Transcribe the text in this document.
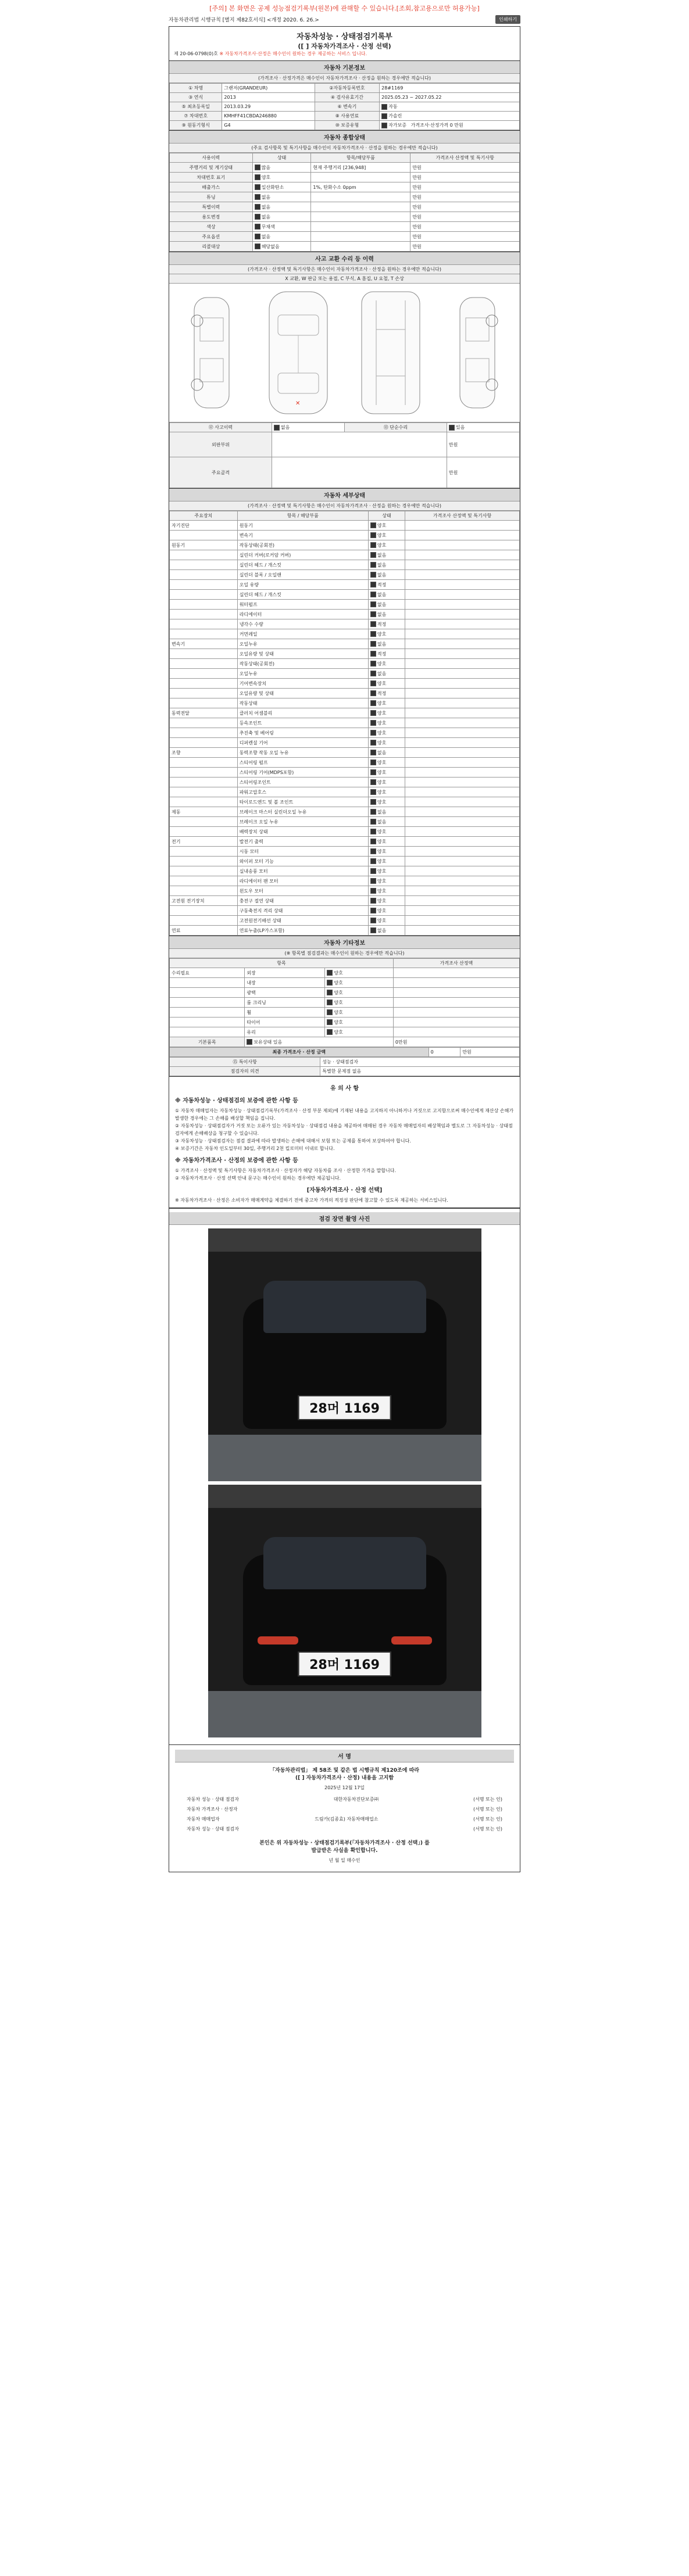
[주의] 본 화면은 공제 성능점검기록부(원본)에 관해할 수 있습니다.[조회,참고용으로만 허용가능]
자동차관리법 시행규칙 [별지 제82호서식] <개정 2020. 6. 26.>	인쇄하기
자동차성능 · 상태점검기록부
([ ] 자동차가격조사 · 산정 선택)
제 20-06-0798(0)호 ※ 자동차가격조사·산정은 매수인이 원하는 경우 제공하는 서비스 입니다.
자동차 기본정보
(가격조사 · 산정가격은 매수인이 자동차가격조사 · 산정을 원하는 경우에만 적습니다)
① 차명	그랜저(GRANDEUR)	②자동차등록번호	28#1169
③ 연식	2013	④ 검사유효기간	2025.05.23 ~ 2027.05.22
⑤ 최초등록일	2013.03.29	⑥ 변속기	자동
⑦ 차대번호	KMHFF41CBDA246880	⑧ 사용연료	가솔린
⑨ 원동기형식	G4	⑩ 보증유형	자가보증 가격조사·산정가격 0 만원
자동차 종합상태
(주요 검사항목 및 특기사항을 매수인이 자동차가격조사 · 산정을 원하는 경우에만 적습니다)
사용이력	상태	항목/해당부품	가격조사 산정액 및 특기사항
주행거리 및 계기상태	많음	현재 주행거리 [236,948]	만원
차대번호 표기	양호		만원
배출가스	일산화탄소	1%, 탄화수소 0ppm	만원
튜닝	없음		만원
특별이력	없음		만원
용도변경	없음		만원
색상	무채색		만원
주요옵션	없음		만원
리콜대상	해당없음		만원
사고 교환 수리 등 이력
(가격조사 · 산정액 및 특기사항은 매수인이 자동차가격조사 · 산정을 원하는 경우에만 적습니다)
X 교환, W 판금 또는 용접, C 부식, A 흠집, U 요철, T 손상
✕
⑫ 사고이력	없음	⑬ 단순수리	있음
외판부위			만원
주요골격			만원
자동차 세부상태
(가격조사 · 산정액 및 특기사항은 매수인이 자동차가격조사 · 산정을 원하는 경우에만 적습니다)
주요장치	항목 / 해당부품	상태	가격조사 산정액 및 특기사항
자기진단	원동기	양호	
	변속기	양호	
원동기	작동상태(공회전)	양호	
	실린더 커버(로커암 커버)	없음	
	실린더 헤드 / 개스킷	없음	
	실린더 블록 / 오일팬	없음	
	오일 유량	적정	
	실린더 헤드 / 개스킷	없음	
	워터펌프	없음	
	라디에이터	없음	
	냉각수 수량	적정	
	커먼레일	양호	
변속기	오일누유	없음	
	오일유량 및 상태	적정	
	작동상태(공회전)	양호	
	오일누유	없음	
	기어변속장치	양호	
	오일유량 및 상태	적정	
	작동상태	양호	
동력전달	클러치 어셈블리	양호	
	등속조인트	양호	
	추진축 및 베어링	양호	
	디퍼렌셜 기어	양호	
조향	동력조향 작동 오일 누유	없음	
	스티어링 펌프	양호	
	스티어링 기어(MDPS포함)	양호	
	스티어링조인트	양호	
	파워고압호스	양호	
	타이로드엔드 및 볼 조인트	양호	
제동	브레이크 마스터 실린더오일 누유	없음	
	브레이크 오일 누유	없음	
	배력장치 상태	양호	
전기	발전기 출력	양호	
	시동 모터	양호	
	와이퍼 모터 기능	양호	
	실내송풍 모터	양호	
	라디에이터 팬 모터	양호	
	윈도우 모터	양호	
고전원 전기장치	충전구 절연 상태	양호	
	구동축전지 격리 상태	양호	
	고전원전기배선 상태	양호	
연료	연료누출(LP가스포함)	없음	
자동차 기타정보
(※ 항목별 점검결과는 매수인이 원하는 경우에만 적습니다)
항목			가격조사 산정액
수리필요	외장	양호	
	내장	양호	
	광택	양호	
	룸 크리닝	양호	
	휠	양호	
	타이어	양호	
	유리	양호	
기본품목	보유상태 있음		0만원
최종 가격조사 · 산정 금액	0	만원
⑮ 특이사항	성능 · 상태점검자
점검자의 의견	특별한 문제점 없음
유 의 사 항
※ 자동차성능 · 상태점검의 보증에 관한 사항 등
① 자동차 매매업자는 자동차성능 · 상태점검기록부(가격조사 · 산정 부분 제외)에 기재된 내용을 고지하지 아니하거나 거짓으로 고지함으로써 매수인에게 재산상 손해가 발생한 경우에는 그 손해를 배상할 책임을 집니다.
② 자동차성능 · 상태점검자가 거짓 또는 오류가 있는 자동차성능 · 상태점검 내용을 제공하여 매매된 경우 자동차 매매업자의 배상책임과 별도로 그 자동차성능 · 상태점검자에게 손해배상을 청구할 수 있습니다.
③ 자동차성능 · 상태점검자는 점검 결과에 따라 발생하는 손해에 대해서 보험 또는 공제를 통하여 보상하여야 합니다.
④ 보증기간은 자동차 인도일부터 30일, 주행거리 2천 킬로미터 이내로 합니다.
※ 자동차가격조사 · 산정의 보증에 관한 사항 등
① 가격조사 · 산정액 및 특기사항은 자동차가격조사 · 산정자가 해당 자동차를 조사 · 산정한 가격을 말합니다.
② 자동차가격조사 · 산정 선택 안내 문구는 매수인이 원하는 경우에만 제공됩니다.
[자동차가격조사 · 산정 선택]
※ 자동차가격조사 · 산정은 소비자가 매매계약을 체결하기 전에 중고차 가격의 적정성 판단에 참고할 수 있도록 제공하는 서비스입니다.
점검 장면 촬영 사진
28머 1169
28머 1169
서 명
「자동차관리법」 제 58조 및 같은 법 시행규칙 제120조에 따라
([ ] 자동차가격조사 · 산정) 내용을 고지함
2025년 12월 17일
자동차 성능 · 상태 점검자	대한자동차진단보증㈜	(서명 또는 인)
자동차 가격조사 · 산정자	(서명 또는 인)
자동차 매매업자	드림카(김종효) 자동차매매업소	(서명 또는 인)
자동차 성능 · 상태 점검자	(서명 또는 인)
본인은 위 자동차성능 · 상태점검기록부(「자동차가격조사 · 산정 선택」) 를
발급받은 사실을 확인합니다.
년 월 일 매수인
